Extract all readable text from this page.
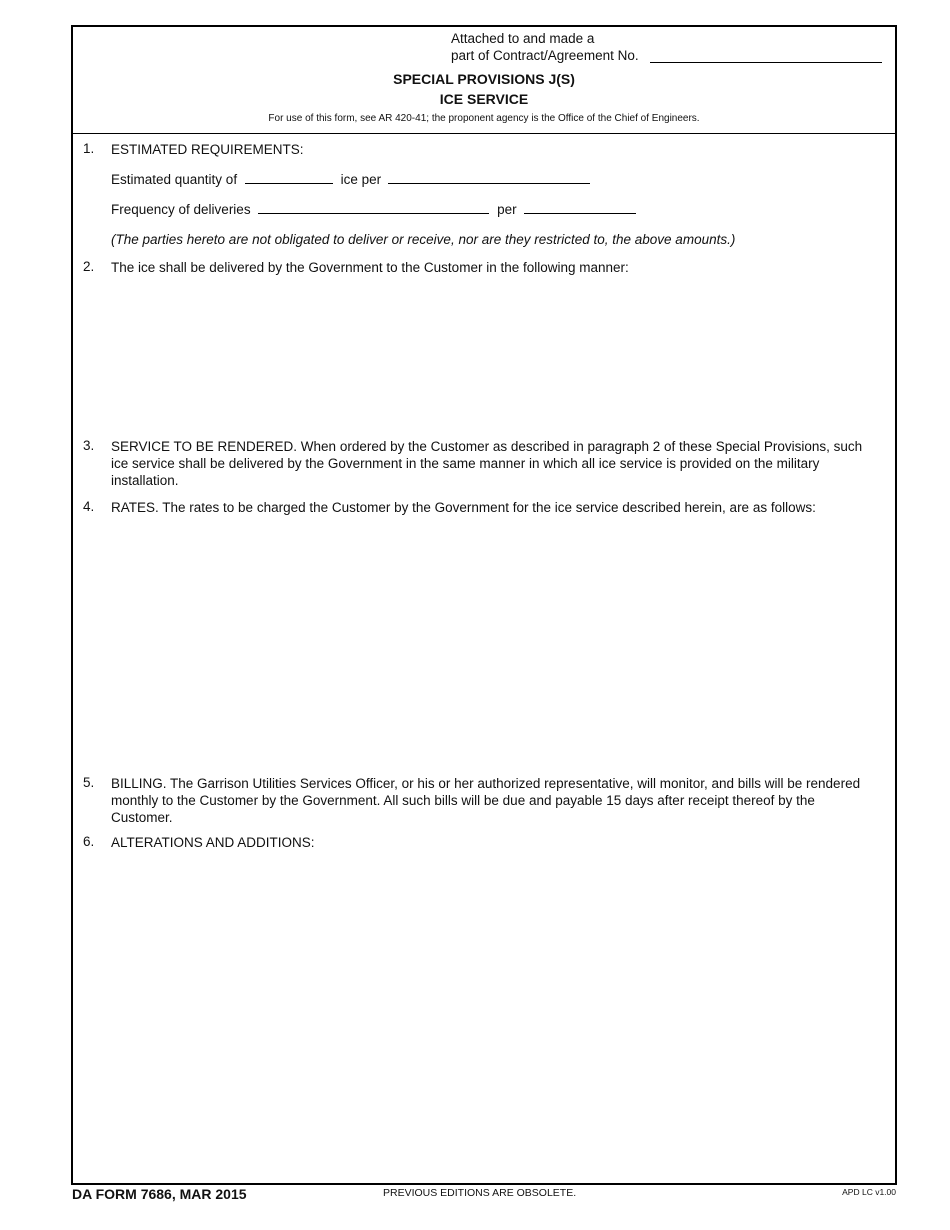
Attached to and made a
part of Contract/Agreement No.
SPECIAL PROVISIONS J(S)
ICE SERVICE
For use of this form, see AR 420-41; the proponent agency is the Office of the Chief of Engineers.
1.	ESTIMATED REQUIREMENTS:
Estimated quantity of	ice per
Frequency of deliveries	per
(The parties hereto are not obligated to deliver or receive, nor are they restricted to, the above amounts.)
2.	The ice shall be delivered by the Government to the Customer in the following manner:
3.	SERVICE TO BE RENDERED. When ordered by the Customer as described in paragraph 2 of these Special Provisions, such ice service shall be delivered by the Government in the same manner in which all ice service is provided on the military installation.
4.	RATES. The rates to be charged the Customer by the Government for the ice service described herein, are as follows:
5.	BILLING. The Garrison Utilities Services Officer, or his or her authorized representative, will monitor, and bills will be rendered monthly to the Customer by the Government. All such bills will be due and payable 15 days after receipt thereof by the Customer.
6.	ALTERATIONS AND ADDITIONS:
DA FORM 7686, MAR 2015	PREVIOUS EDITIONS ARE OBSOLETE.	APD LC v1.00
